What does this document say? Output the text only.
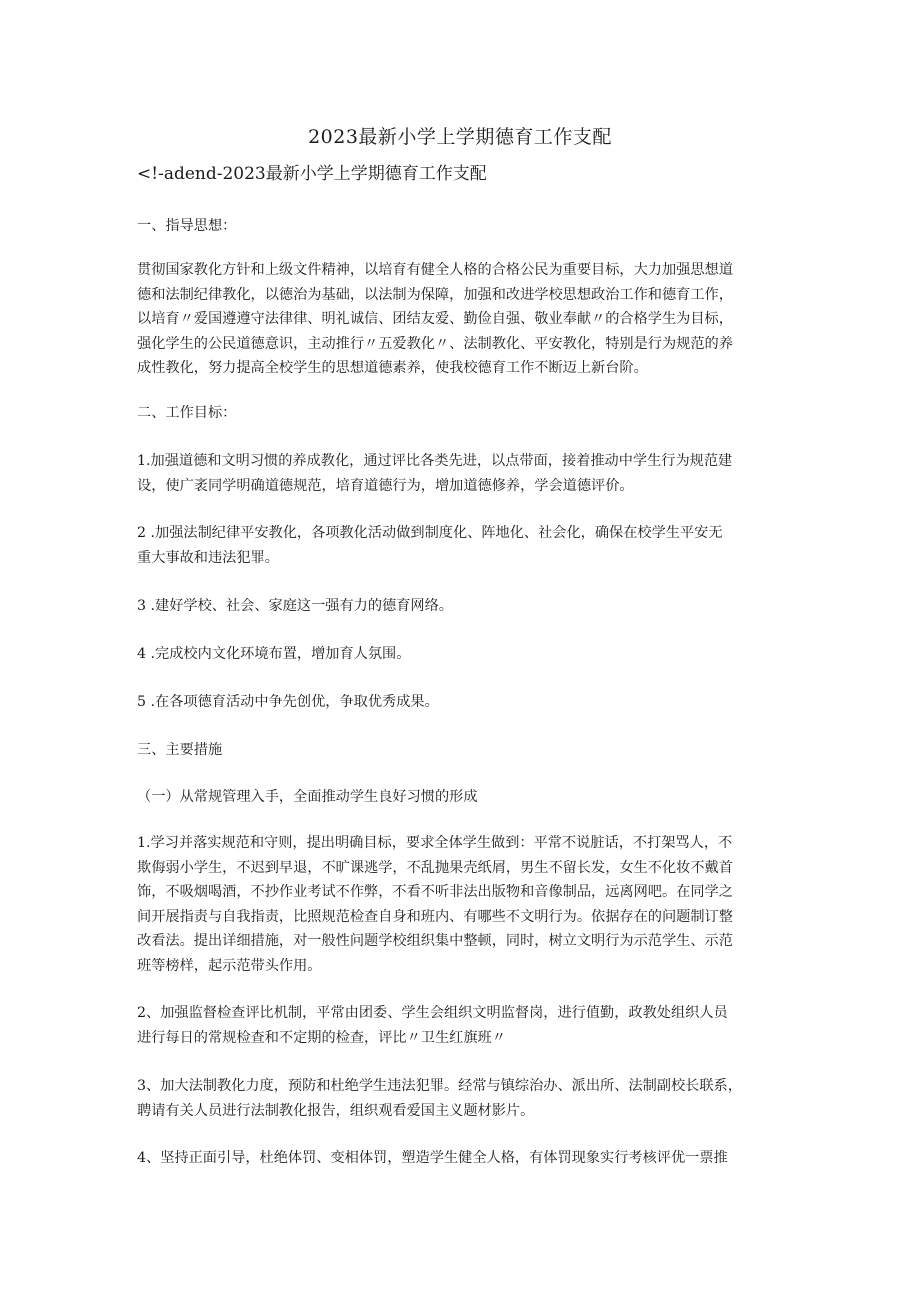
2023最新小学上学期德育工作支配
<!-adend-2023最新小学上学期德育工作支配
一、指导思想：
贯彻国家教化方针和上级文件精神，以培育有健全人格的合格公民为重要目标，大力加强思想道
德和法制纪律教化，以德治为基础，以法制为保障，加强和改进学校思想政治工作和德育工作，
以培育〃爱国遵遵守法律律、明礼诚信、团结友爱、勤俭自强、敬业奉献〃的合格学生为目标，
强化学生的公民道德意识，主动推行〃五爱教化〃、法制教化、平安教化，特别是行为规范的养
成性教化，努力提高全校学生的思想道德素养，使我校德育工作不断迈上新台阶。
二、工作目标：
1.加强道德和文明习惯的养成教化，通过评比各类先进，以点带面，接着推动中学生行为规范建
设，使广袤同学明确道德规范，培育道德行为，增加道德修养，学会道德评价。
2 .加强法制纪律平安教化，各项教化活动做到制度化、阵地化、社会化，确保在校学生平安无
重大事故和违法犯罪。
3 .建好学校、社会、家庭这一强有力的德育网络。
4 .完成校内文化环境布置，增加育人氛围。
5 .在各项德育活动中争先创优，争取优秀成果。
三、主要措施
（一）从常规管理入手，全面推动学生良好习惯的形成
1.学习并落实规范和守则，提出明确目标，要求全体学生做到：平常不说脏话，不打架骂人，不
欺侮弱小学生，不迟到早退，不旷课逃学，不乱抛果壳纸屑，男生不留长发，女生不化妆不戴首
饰，不吸烟喝酒，不抄作业考试不作弊，不看不听非法出版物和音像制品，远离网吧。在同学之
间开展指责与自我指责，比照规范检查自身和班内、有哪些不文明行为。依据存在的问题制订整
改看法。提出详细措施，对一般性问题学校组织集中整顿，同时，树立文明行为示范学生、示范
班等榜样，起示范带头作用。
2、加强监督检查评比机制，平常由团委、学生会组织文明监督岗，进行值勤，政教处组织人员
进行每日的常规检查和不定期的检查，评比〃卫生红旗班〃
3、加大法制教化力度，预防和杜绝学生违法犯罪。经常与镇综治办、派出所、法制副校长联系，
聘请有关人员进行法制教化报告，组织观看爱国主义题材影片。
4、坚持正面引导，杜绝体罚、变相体罚，塑造学生健全人格，有体罚现象实行考核评优一票推
